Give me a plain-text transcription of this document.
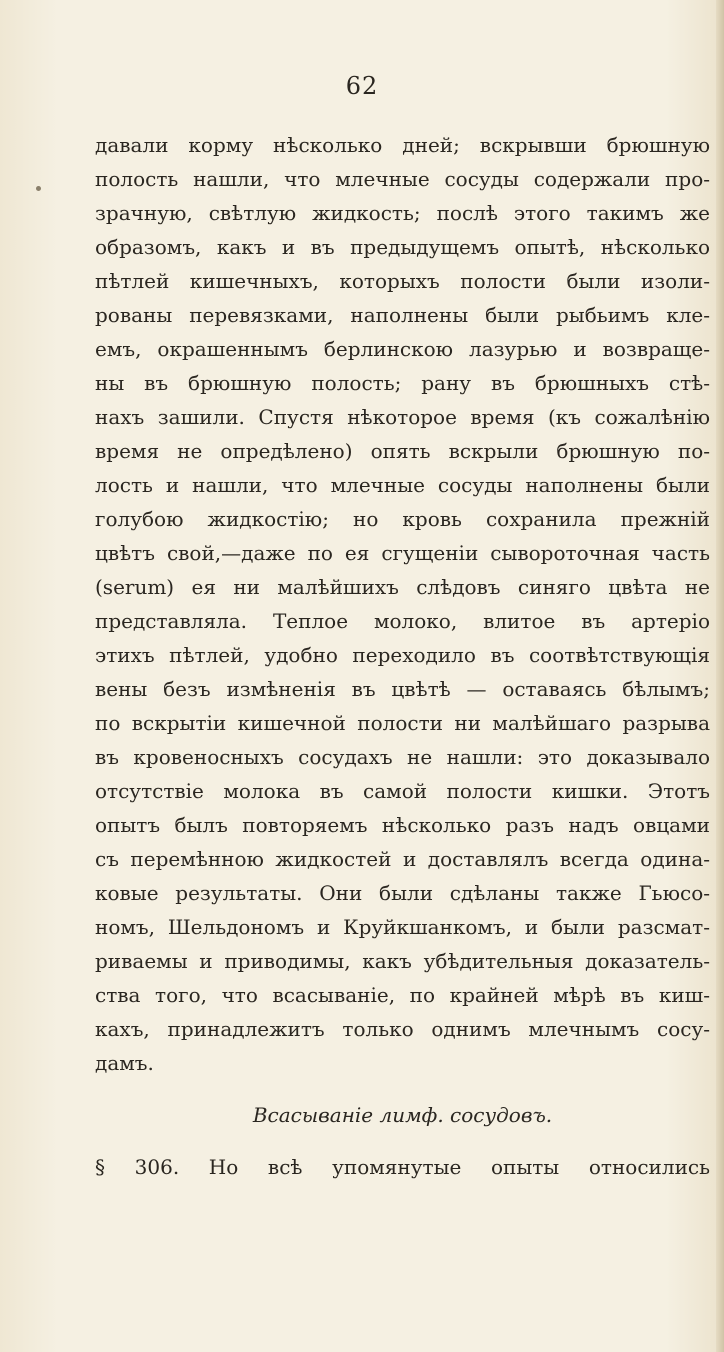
62
давали корму нѣсколько дней; вскрывши брюшную
полость нашли, что млечные сосуды содержали про-
зрачную, свѣтлую жидкость; послѣ этого такимъ же
образомъ, какъ и въ предыдущемъ опытѣ, нѣсколько
пѣтлей кишечныхъ, которыхъ полости были изоли-
рованы перевязками, наполнены были рыбьимъ кле-
емъ, окрашеннымъ берлинскою лазурью и возвраще-
ны въ брюшную полость; рану въ брюшныхъ стѣ-
нахъ зашили. Спустя нѣкоторое время (къ сожалѣнію
время не опредѣлено) опять вскрыли брюшную по-
лость и нашли, что млечные сосуды наполнены были
голубою жидкостію; но кровь сохранила прежній
цвѣтъ свой,—даже по ея сгущеніи сывороточная часть
(serum) ея ни малѣйшихъ слѣдовъ синяго цвѣта не
представляла. Теплое молоко, влитое въ артеріо
этихъ пѣтлей, удобно переходило въ соотвѣтствующія
вены безъ измѣненія въ цвѣтѣ — оставаясь бѣлымъ;
по вскрытіи кишечной полости ни малѣйшаго разрыва
въ кровеносныхъ сосудахъ не нашли: это доказывало
отсутствіе молока въ самой полости кишки. Этотъ
опытъ былъ повторяемъ нѣсколько разъ надъ овцами
съ перемѣнною жидкостей и доставлялъ всегда одина-
ковые результаты. Они были сдѣланы также Гьюсо-
номъ, Шельдономъ и Круйкшанкомъ, и были разсмат-
риваемы и приводимы, какъ убѣдительныя доказатель-
ства того, что всасываніе, по крайней мѣрѣ въ киш-
кахъ, принадлежитъ только однимъ млечнымъ сосу-
дамъ.
Всасываніе лимф. сосудовъ.
§ 306. Но всѣ упомянутые опыты относились
